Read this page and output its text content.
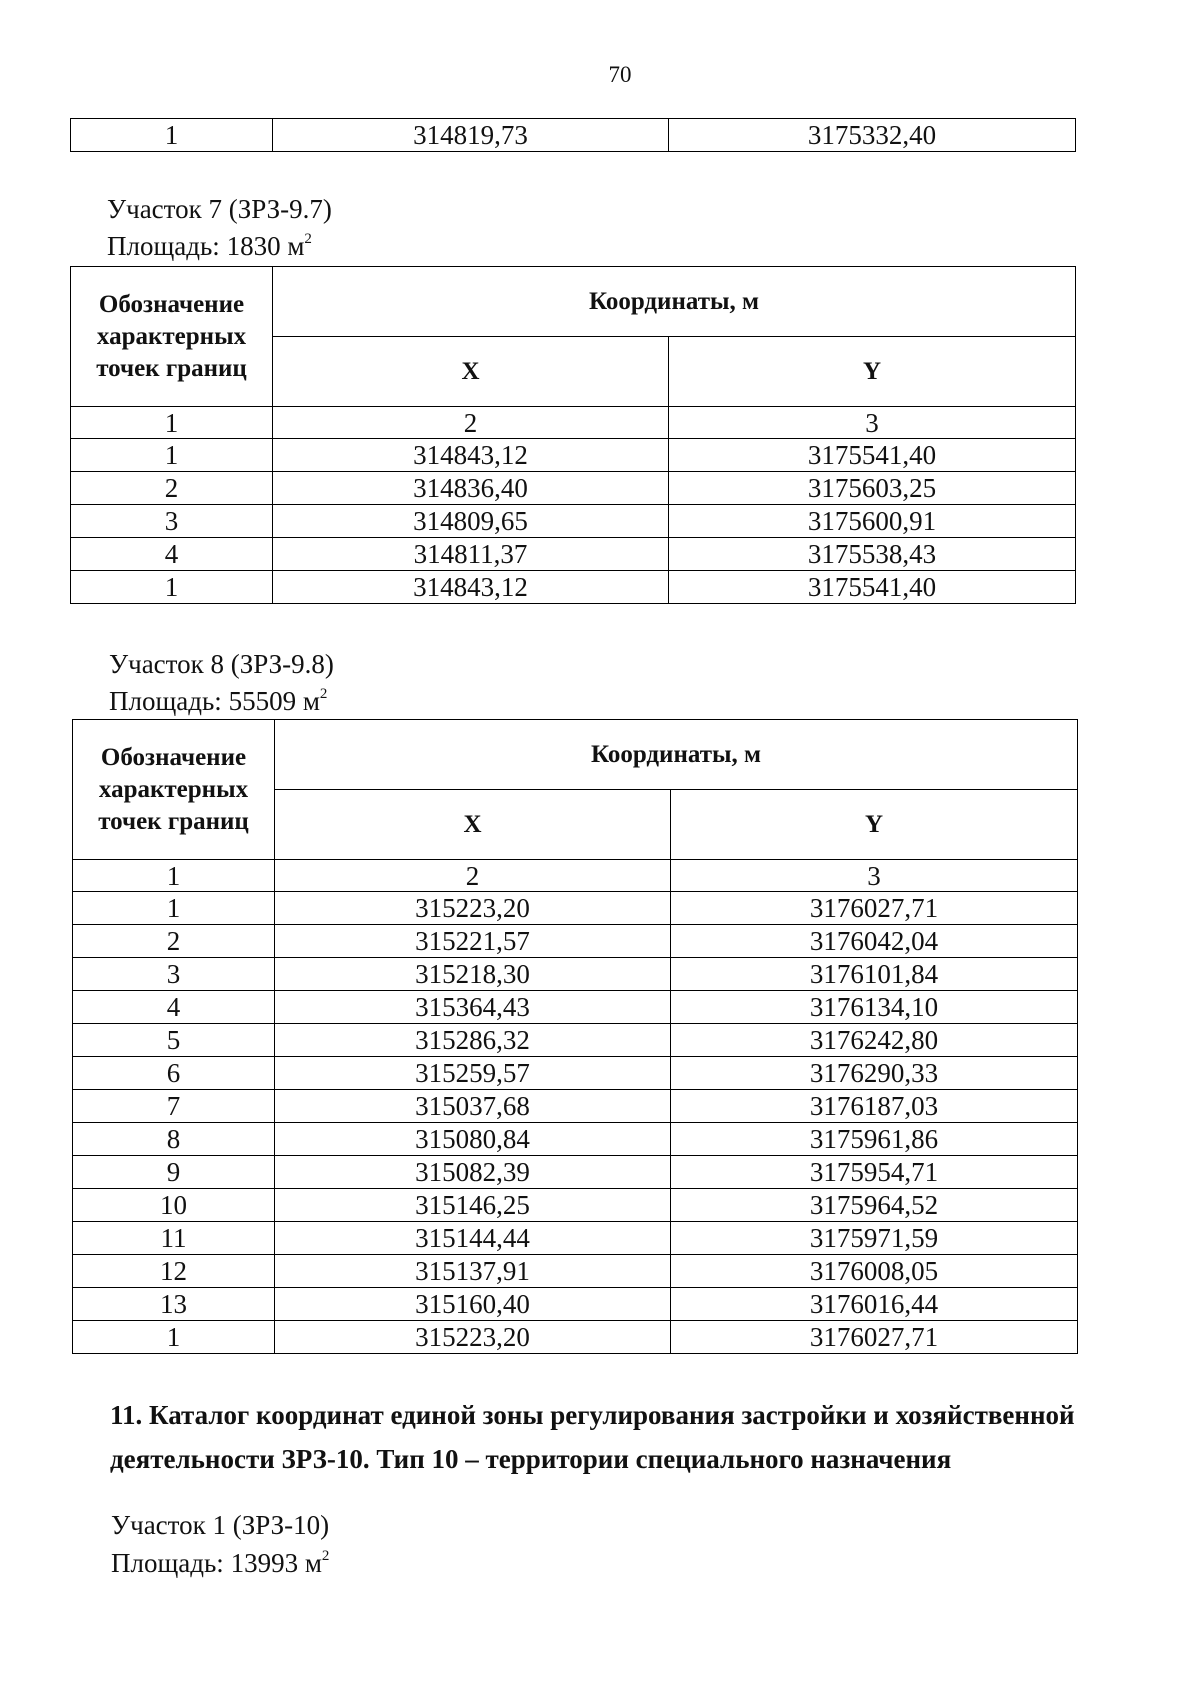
70
1	314819,73	3175332,40
Участок 7 (ЗРЗ-9.7)
Площадь: 1830 $м^2$
Обозначение характерных точек границ	Координаты, м	
	X	Y
1	2	3
1	314843,12	3175541,40
2	314836,40	3175603,25
3	314809,65	3175600,91
4	314811,37	3175538,43
1	314843,12	3175541,40
Участок 8 (ЗРЗ-9.8)
Площадь: 55509 $м^2$
Обозначение характерных точек границ	Координаты, м	
	X	Y
1	2	3
1	315223,20	3176027,71
2	315221,57	3176042,04
3	315218,30	3176101,84
4	315364,43	3176134,10
5	315286,32	3176242,80
6	315259,57	3176290,33
7	315037,68	3176187,03
8	315080,84	3175961,86
9	315082,39	3175954,71
10	315146,25	3175964,52
11	315144,44	3175971,59
12	315137,91	3176008,05
13	315160,40	3176016,44
1	315223,20	3176027,71
11. Каталог координат единой зоны регулирования застройки и хозяйственной деятельности ЗРЗ-10. Тип 10 – территории специального назначения
Участок 1 (ЗРЗ-10)
Площадь: 13993 $м^2$
